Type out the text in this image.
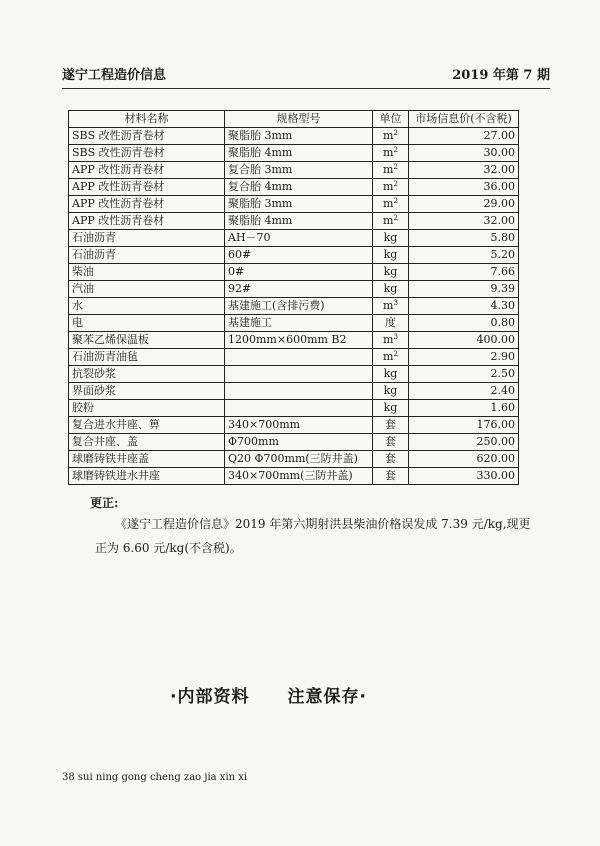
遂宁工程造价信息	2019 年第 7 期
材料名称	规格型号	单位	市场信息价(不含税)
SBS 改性沥青卷材	聚脂胎 3mm	$m^2$	27.00
SBS 改性沥青卷材	聚脂胎 4mm	$m^2$	30.00
APP 改性沥青卷材	复合胎 3mm	$m^2$	32.00
APP 改性沥青卷材	复合胎 4mm	$m^2$	36.00
APP 改性沥青卷材	聚脂胎 3mm	$m^2$	29.00
APP 改性沥青卷材	聚脂胎 4mm	$m^2$	32.00
石油沥青	AH－70	kg	5.80
石油沥青	60#	kg	5.20
柴油	0#	kg	7.66
汽油	92#	kg	9.39
水	基建施工(含排污费)	$m^3$	4.30
电	基建施工	度	0.80
聚苯乙烯保温板	1200mm×600mm B2	$m^3$	400.00
石油沥青油毡		$m^2$	2.90
抗裂砂浆		kg	2.50
界面砂浆		kg	2.40
胶粉		kg	1.60
复合进水井座、箅	340×700mm	套	176.00
复合井座、盖	Φ700mm	套	250.00
球磨铸铁井座盖	Q20 Φ700mm(三防井盖)	套	620.00
球磨铸铁进水井座	340×700mm(三防井盖)	套	330.00
更正:
《遂宁工程造价信息》2019 年第六期射洪县柴油价格误发成 7.39 元/kg,现更正为 6.60 元/kg(不含税)。
·内部资料 注意保存·
38 sui ning gong cheng zao jia xin xi
